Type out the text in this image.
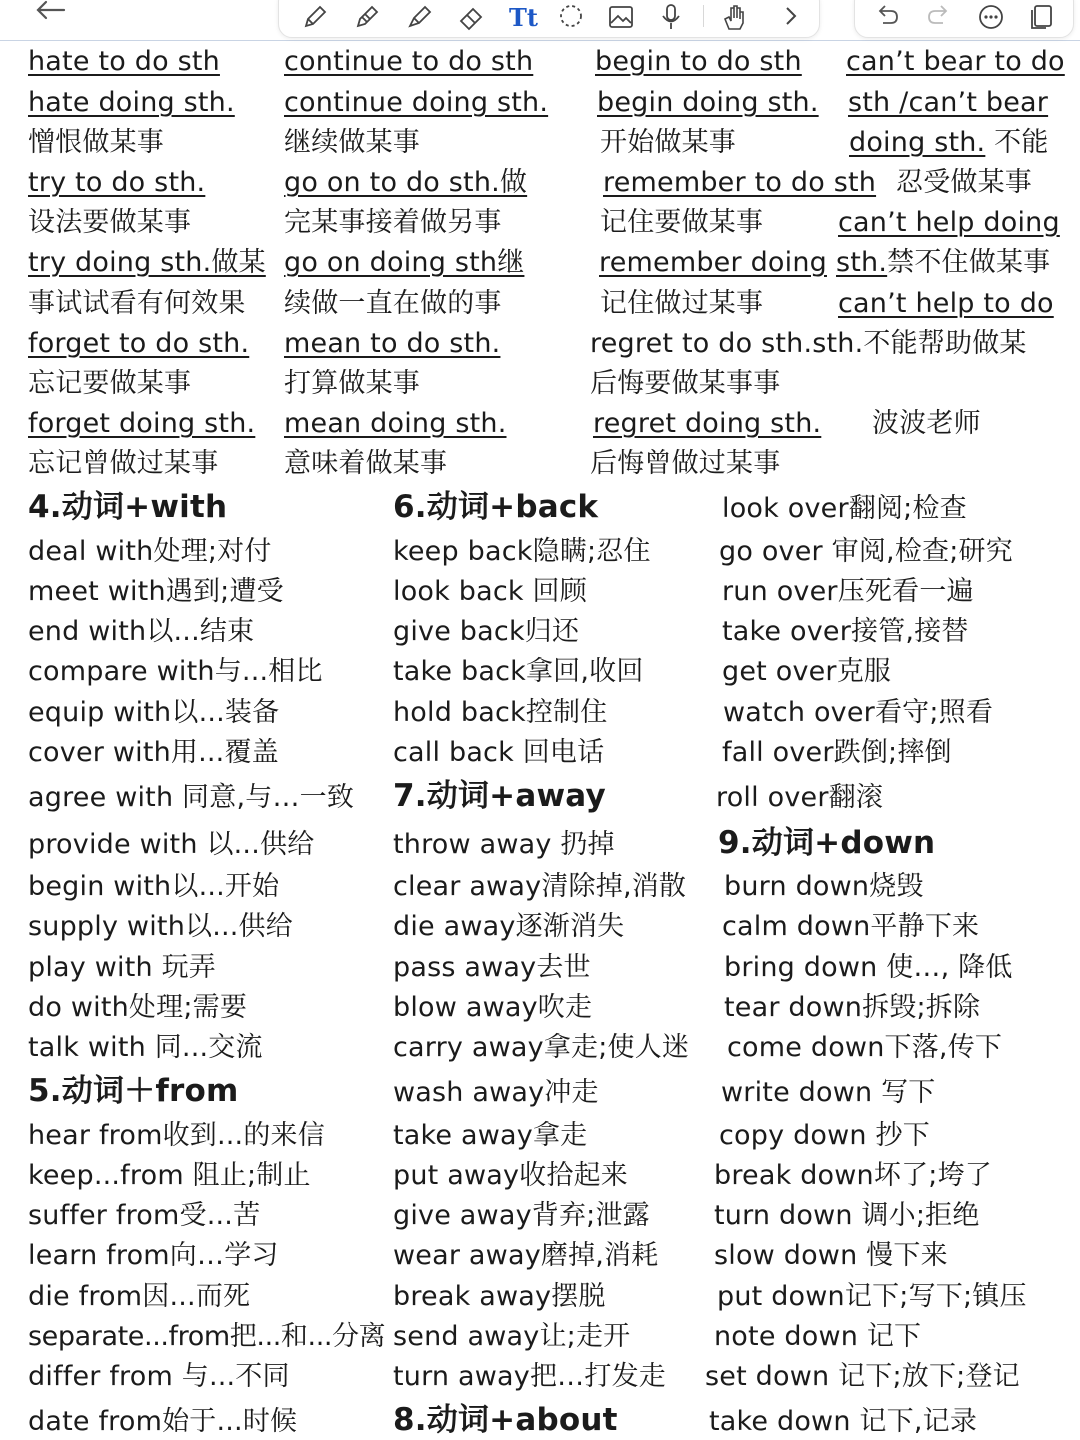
Tt
hate to do sth
hate doing sth.
憎恨做某事
try to do sth.
设法要做某事
try doing sth.做某
事试试看有何效果
forget to do sth.
忘记要做某事
forget doing sth.
忘记曾做过某事
continue to do sth
continue doing sth.
继续做某事
go on to do sth.做
完某事接着做另事
go on doing sth继
续做一直在做的事
mean to do sth.
打算做某事
mean doing sth.
意味着做某事
begin to do sth
begin doing sth.
开始做某事
remember to do sth
记住要做某事
remember doing
记住做过某事
regret to do sth.sth.不能帮助做某
后悔要做某事事
regret doing sth.
后悔曾做过某事
can’t bear to do
sth /can’t bear
doing sth. 不能
忍受做某事
can’t help doing
sth.禁不住做某事
can’t help to do
波波老师
4.动词+with
deal with处理;对付
meet with遇到;遭受
end with以...结束
compare with与...相比
equip with以...装备
cover with用...覆盖
agree with 同意,与…一致
provide with 以...供给
begin with以...开始
supply with以...供给
play with 玩弄
do with处理;需要
talk with 同...交流
5.动词＋from
hear from收到...的来信
keep...from 阻止;制止
suffer from受...苦
learn from向…学习
die from因...而死
separate...from把...和...分离
differ from 与...不同
date from始于...时候
6.动词+back
keep back隐瞒;忍住
look back 回顾
give back归还
take back拿回,收回
hold back控制住
call back 回电话
7.动词+away
throw away 扔掉
clear away清除掉,消散
die away逐渐消失
pass away去世
blow away吹走
carry away拿走;使人迷
wash away冲走
take away拿走
put away收拾起来
give away背弃;泄露
wear away磨掉,消耗
break away摆脱
send away让;走开
turn away把…打发走
8.动词+about
look over翻阅;检查
go over 审阅,检查;研究
run over压死看一遍
take over接管,接替
get over克服
watch over看守;照看
fall over跌倒;摔倒
roll over翻滚
9.动词+down
burn down烧毁
calm down平静下来
bring down 使…, 降低
tear down拆毁;拆除
come down下落,传下
write down 写下
copy down 抄下
break down坏了;垮了
turn down 调小;拒绝
slow down 慢下来
put down记下;写下;镇压
note down 记下
set down 记下;放下;登记
take down 记下,记录
